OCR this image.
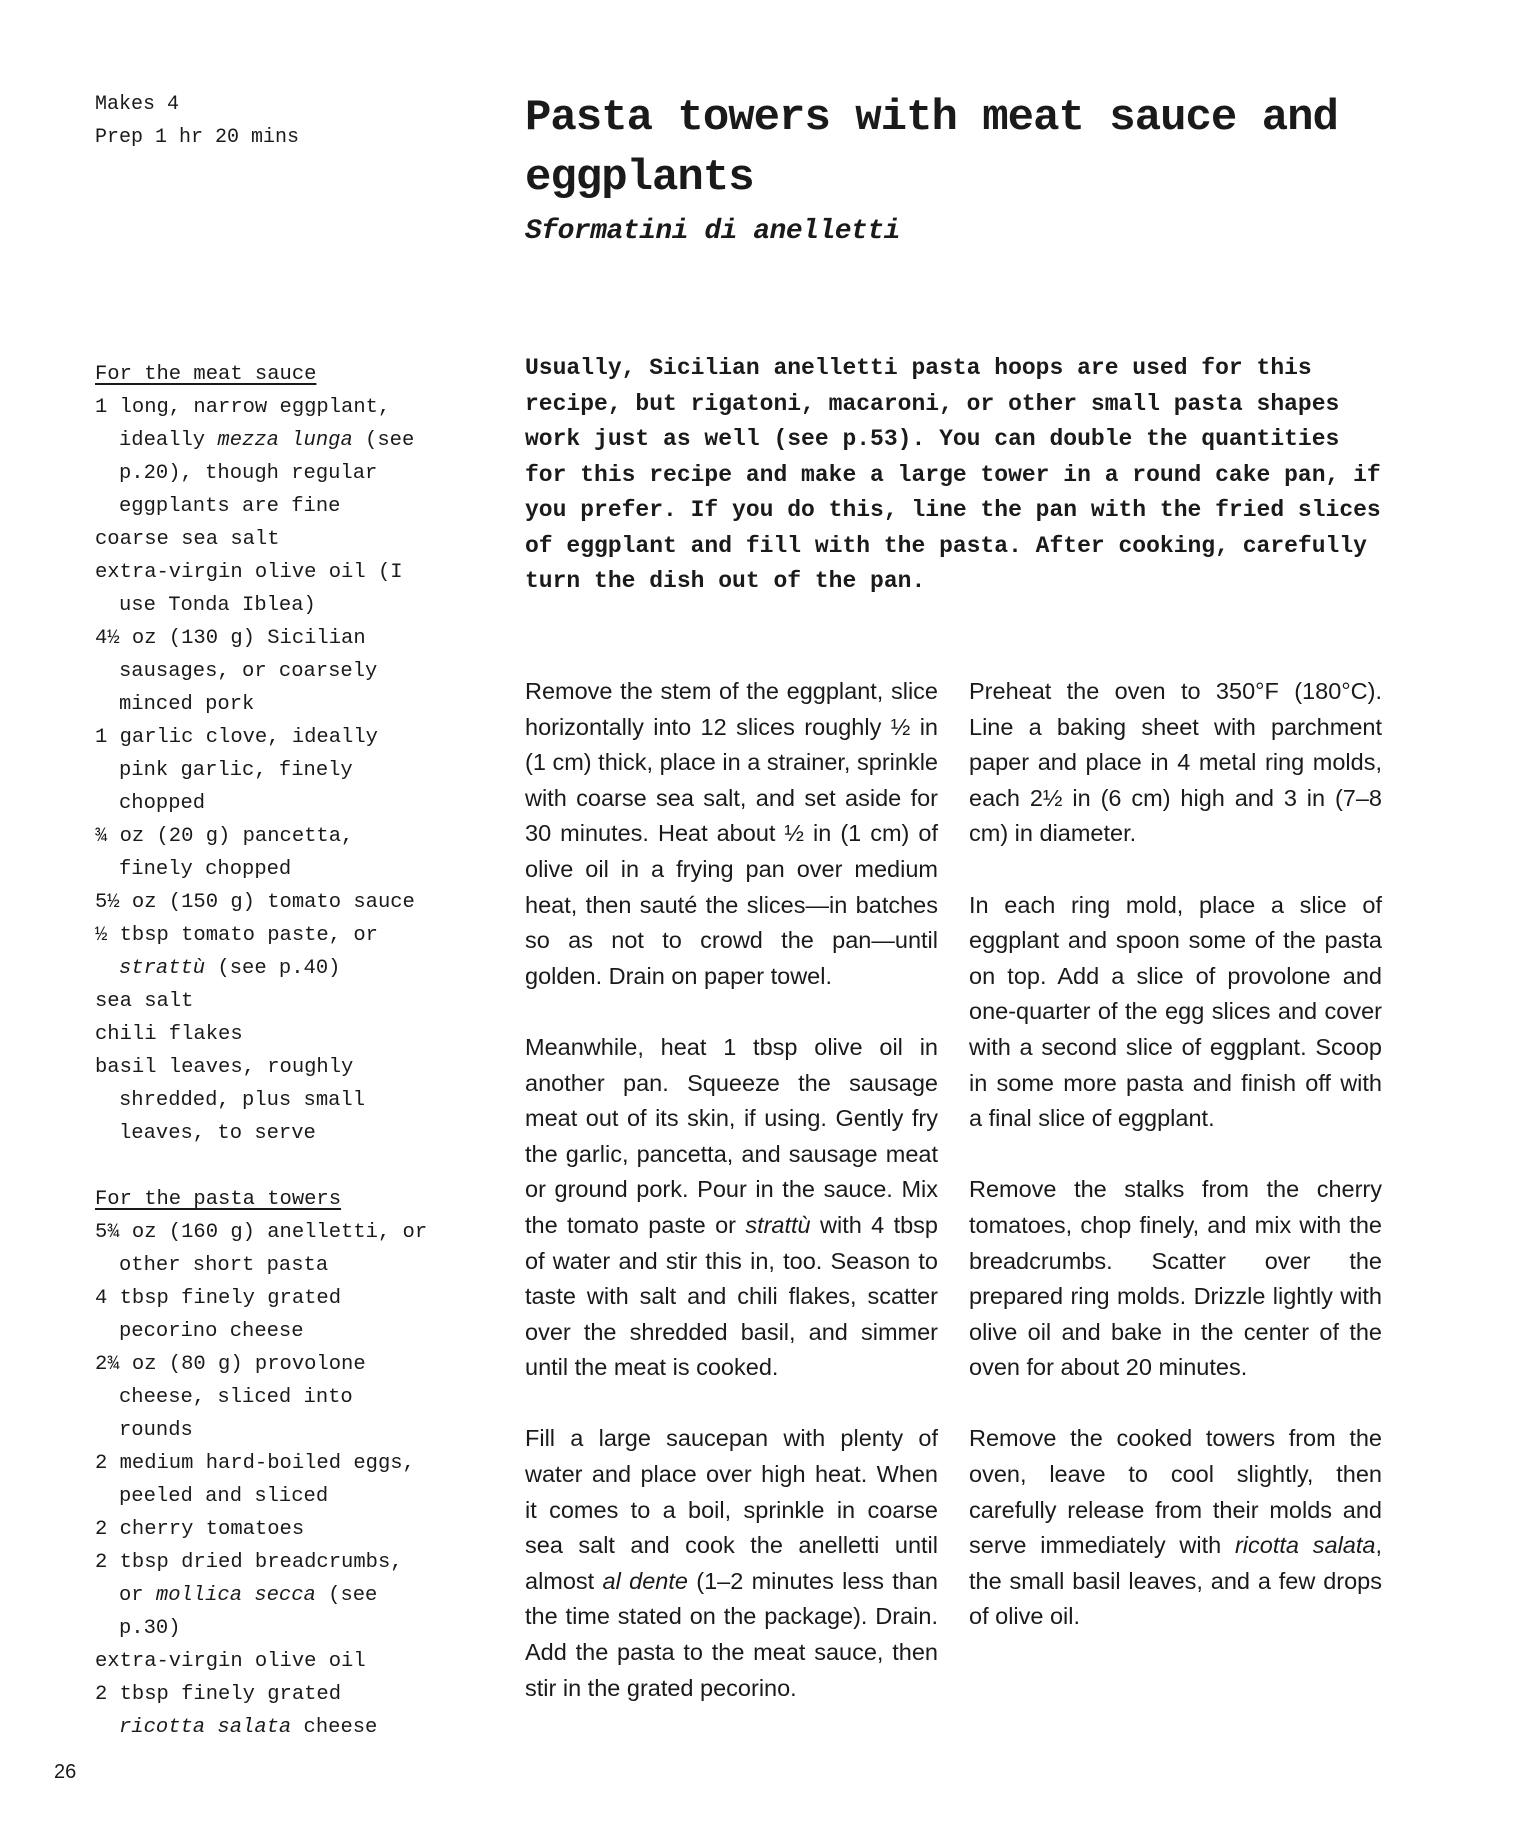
Makes 4
Prep 1 hr 20 mins	Pasta towers with meat sauce and eggplants
Sformatini di anelletti
For the meat sauce
1 long, narrow eggplant, ideally mezza lunga (see p.20), though regular eggplants are fine
coarse sea salt
extra-virgin olive oil (I use Tonda Iblea)
4½ oz (130 g) Sicilian sausages, or coarsely minced pork
1 garlic clove, ideally pink garlic, finely chopped
¾ oz (20 g) pancetta, finely chopped
5½ oz (150 g) tomato sauce
½ tbsp tomato paste, or strattù (see p.40)
sea salt
chili flakes
basil leaves, roughly shredded, plus small leaves, to serve
For the pasta towers
5¾ oz (160 g) anelletti, or other short pasta
4 tbsp finely grated pecorino cheese
2¾ oz (80 g) provolone cheese, sliced into rounds
2 medium hard-boiled eggs, peeled and sliced
2 cherry tomatoes
2 tbsp dried breadcrumbs, or mollica secca (see p.30)
extra-virgin olive oil
2 tbsp finely grated ricotta salata cheese

Usually, Sicilian anelletti pasta hoops are used for this recipe, but rigatoni, macaroni, or other small pasta shapes work just as well (see p.53). You can double the quantities for this recipe and make a large tower in a round cake pan, if you prefer. If you do this, line the pan with the fried slices of eggplant and fill with the pasta. After cooking, carefully turn the dish out of the pan.

Remove the stem of the eggplant, slice horizontally into 12 slices roughly ½ in (1 cm) thick, place in a strainer, sprinkle with coarse sea salt, and set aside for 30 minutes. Heat about ½ in (1 cm) of olive oil in a frying pan over medium heat, then sauté the slices—in batches so as not to crowd the pan—until golden. Drain on paper towel.

Meanwhile, heat 1 tbsp olive oil in another pan. Squeeze the sausage meat out of its skin, if using. Gently fry the garlic, pancetta, and sausage meat or ground pork. Pour in the sauce. Mix the tomato paste or strattù with 4 tbsp of water and stir this in, too. Season to taste with salt and chili flakes, scatter over the shredded basil, and simmer until the meat is cooked.

Fill a large saucepan with plenty of water and place over high heat. When it comes to a boil, sprinkle in coarse sea salt and cook the anelletti until almost al dente (1–2 minutes less than the time stated on the package). Drain. Add the pasta to the meat sauce, then stir in the grated pecorino.

Preheat the oven to 350°F (180°C). Line a baking sheet with parchment paper and place in 4 metal ring molds, each 2½ in (6 cm) high and 3 in (7–8 cm) in diameter.

In each ring mold, place a slice of eggplant and spoon some of the pasta on top. Add a slice of provolone and one-quarter of the egg slices and cover with a second slice of eggplant. Scoop in some more pasta and finish off with a final slice of eggplant.

Remove the stalks from the cherry tomatoes, chop finely, and mix with the breadcrumbs. Scatter over the prepared ring molds. Drizzle lightly with olive oil and bake in the center of the oven for about 20 minutes.

Remove the cooked towers from the oven, leave to cool slightly, then carefully release from their molds and serve immediately with ricotta salata, the small basil leaves, and a few drops of olive oil.

26
